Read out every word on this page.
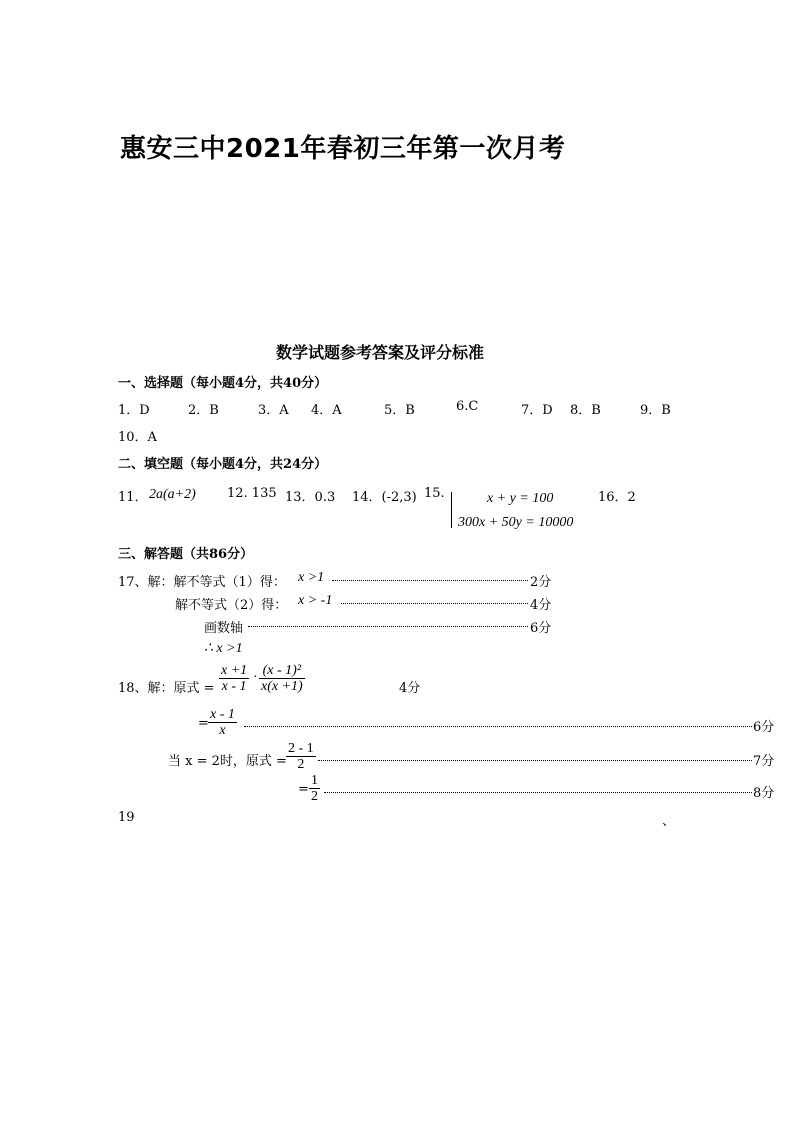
惠安三中2021年春初三年第一次月考
数学试题参考答案及评分标准
一、选择题（每小题4分，共40分）
1．D	2．B	3．A 4．A	5．B	6.C	7．D 8．B	9．B
10．A
二、填空题（每小题4分，共24分）
11． 2a(a+2) 12. 135 13．0.3 14．(-2,3) 15.	x + y = 100
300x + 50y = 10000
16．2
三、解答题（共86分）
17、解：解不等式（1）得： x >1	2分
解不等式（2）得： x > -1	4分
画数轴	6分
∴ x >1
18、解：原式 = $\frac{x +1}{x - 1} \cdot \frac{\text{(x - 1)²}}{x(x +1)}$	4分
= $\frac{x - 1}{x}$	6分
当 x = 2时，原式 = $\frac{2 - 1}{2}$	7分
= $\frac{1}{2}$	8分
19	、
